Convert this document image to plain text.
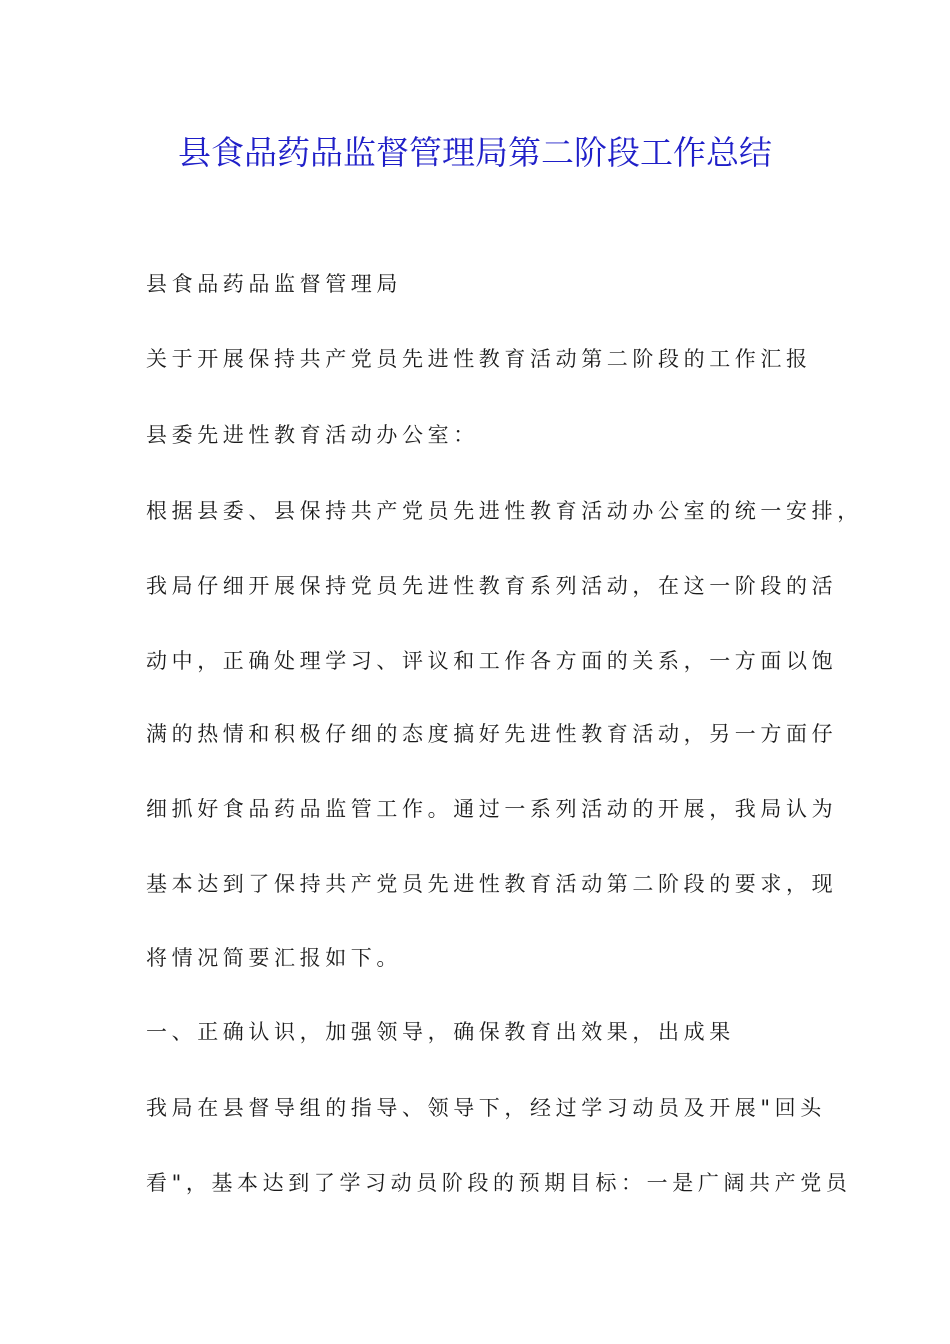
县食品药品监督管理局第二阶段工作总结
县食品药品监督管理局
关于开展保持共产党员先进性教育活动第二阶段的工作汇报
县委先进性教育活动办公室：
根据县委、县保持共产党员先进性教育活动办公室的统一安排，
我局仔细开展保持党员先进性教育系列活动，在这一阶段的活
动中，正确处理学习、评议和工作各方面的关系，一方面以饱
满的热情和积极仔细的态度搞好先进性教育活动，另一方面仔
细抓好食品药品监管工作。通过一系列活动的开展，我局认为
基本达到了保持共产党员先进性教育活动第二阶段的要求，现
将情况简要汇报如下。
一、正确认识，加强领导，确保教育出效果，出成果
我局在县督导组的指导、领导下，经过学习动员及开展"回头
看"，基本达到了学习动员阶段的预期目标：一是广阔共产党员
